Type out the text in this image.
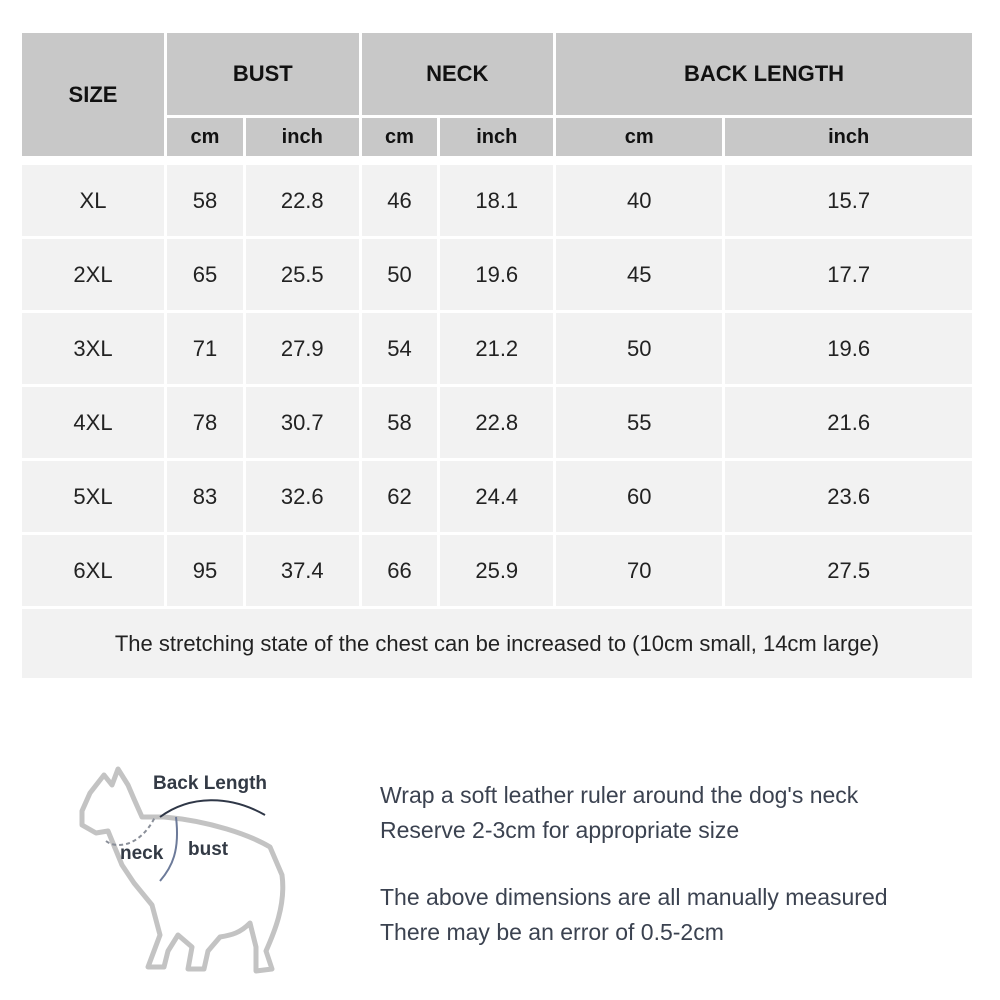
SIZE	BUST		NECK		BACK LENGTH	
	cm	inch	cm	inch	cm	inch

XL	58	22.8	46	18.1	40	15.7
2XL	65	25.5	50	19.6	45	17.7
3XL	71	27.9	54	21.2	50	19.6
4XL	78	30.7	58	22.8	55	21.6
5XL	83	32.6	62	24.4	60	23.6
6XL	95	37.4	66	25.9	70	27.5
The stretching state of the chest can be increased to (10cm small, 14cm large)						
Back Length
neck bust

Wrap a soft leather ruler around the dog's neck

Reserve 2-3cm for appropriate size

The above dimensions are all manually measured

There may be an error of 0.5-2cm
